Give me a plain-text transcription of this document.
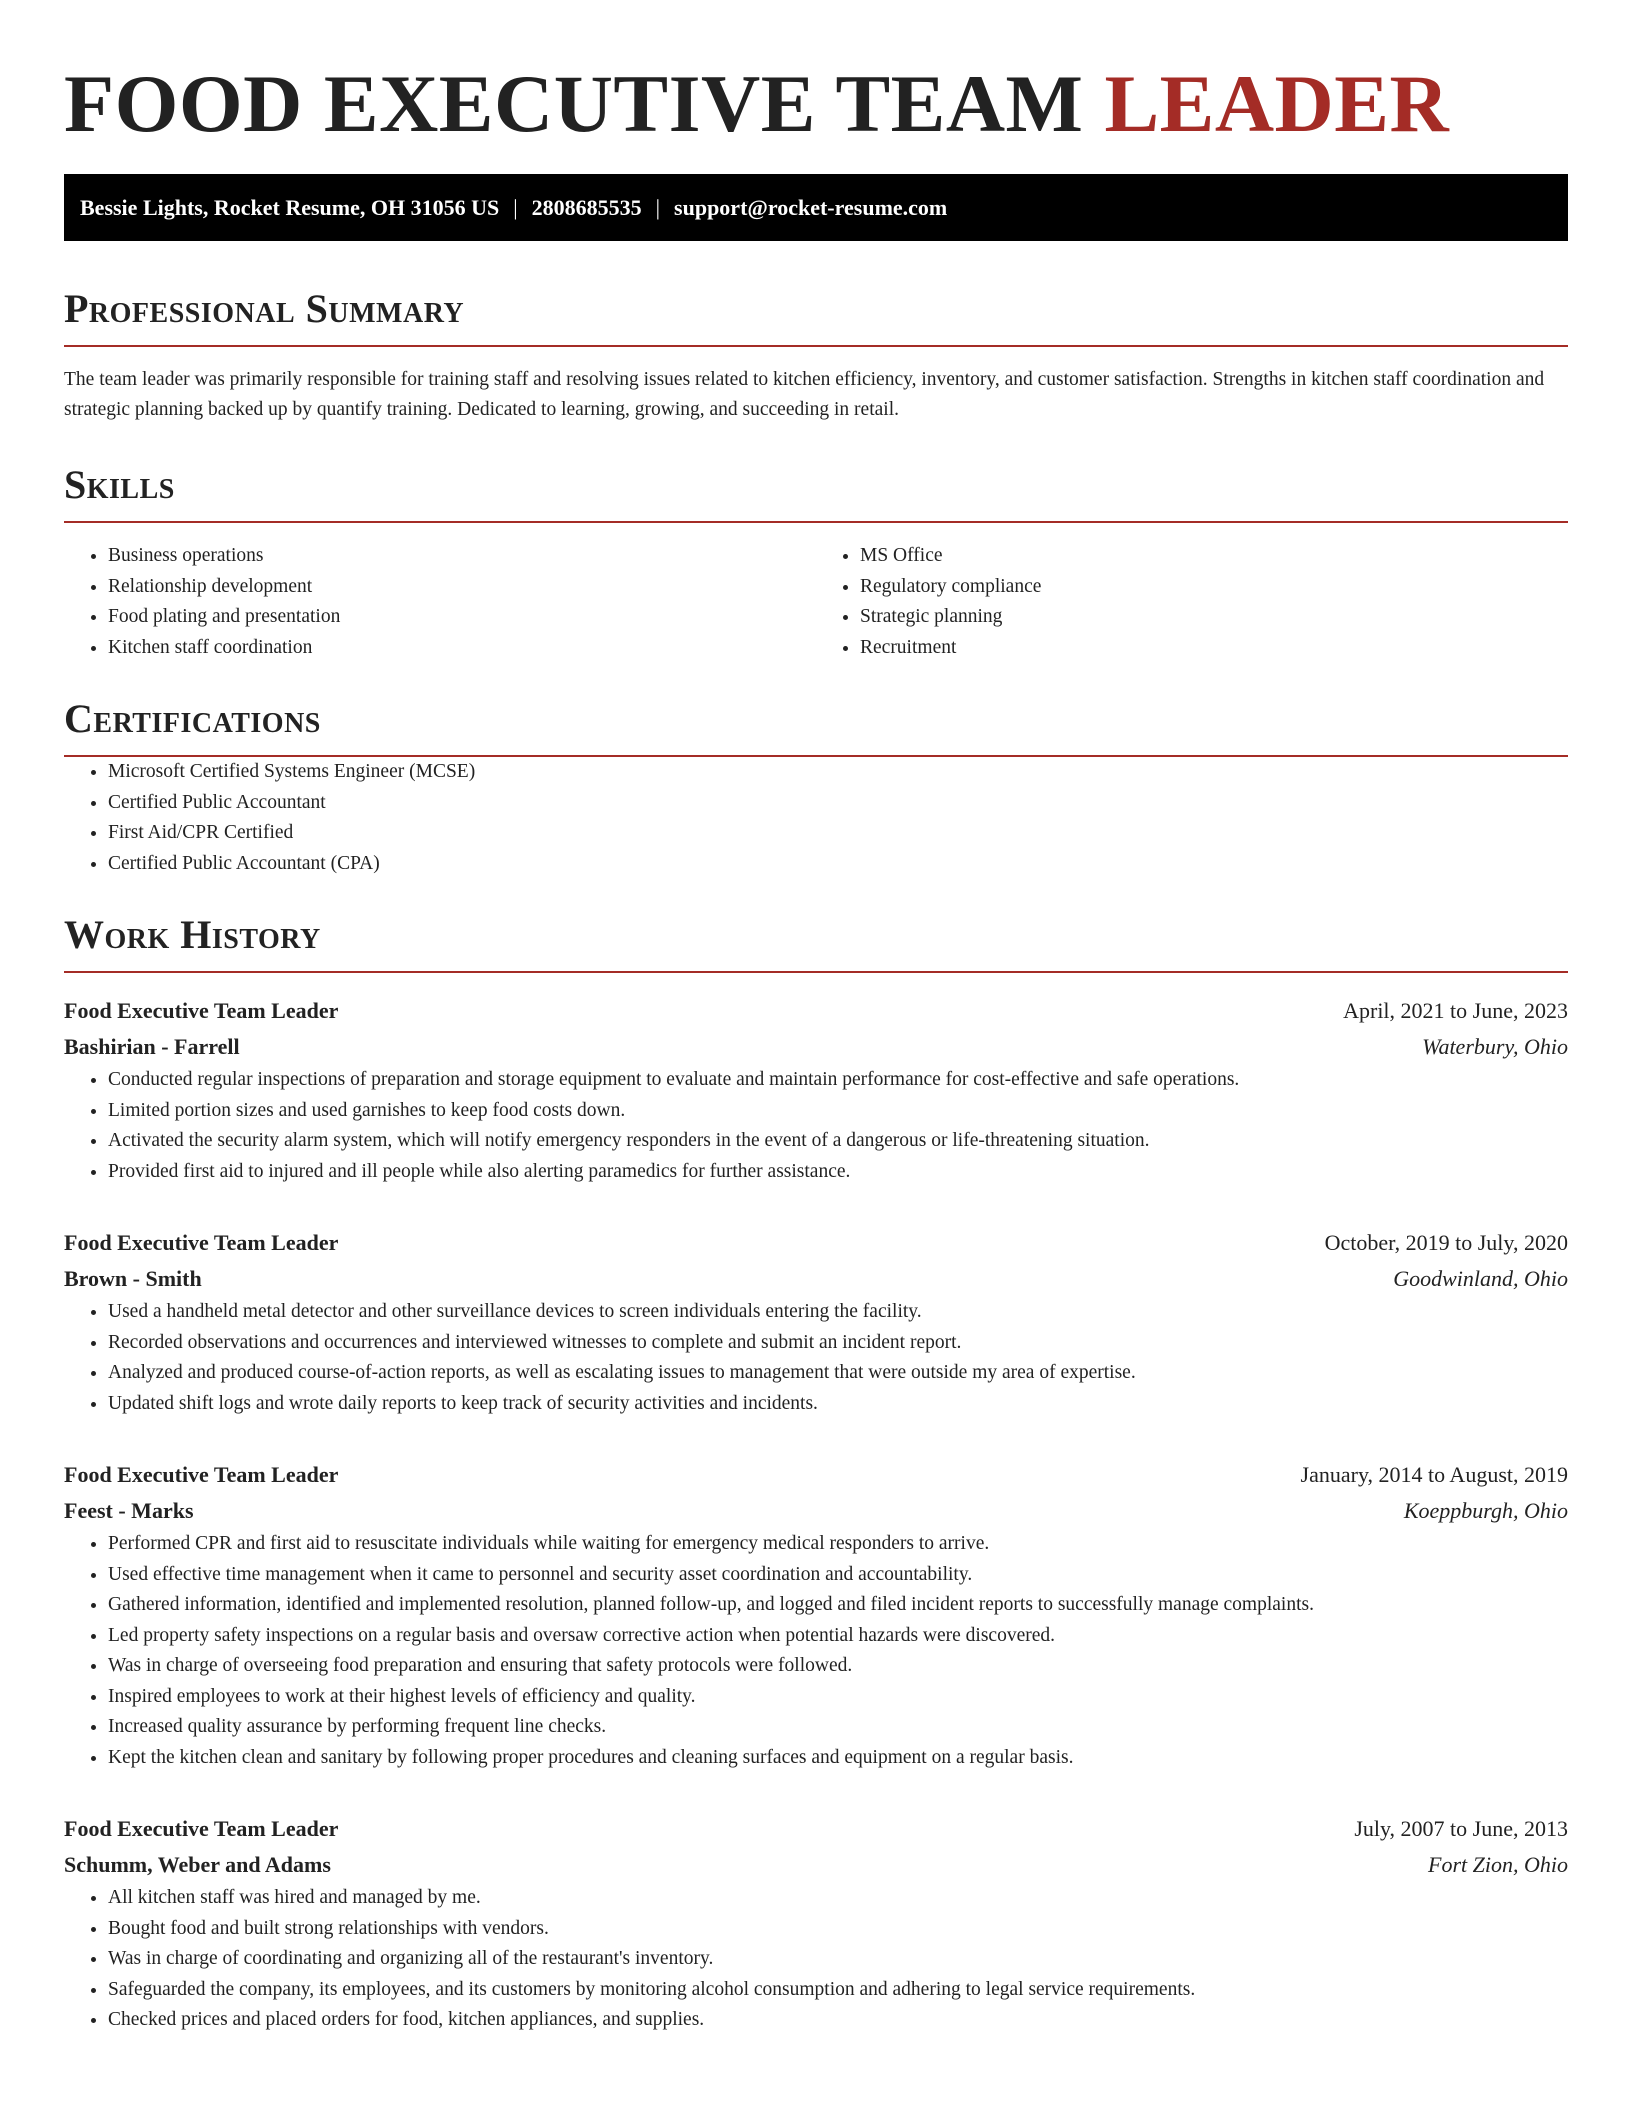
FOOD EXECUTIVE TEAM LEADER
Bessie Lights, Rocket Resume, OH 31056 US | 2808685535 | support@rocket-resume.com
Professional Summary

The team leader was primarily responsible for training staff and resolving issues related to kitchen efficiency, inventory, and customer satisfaction. Strengths in kitchen staff coordination and strategic planning backed up by quantify training. Dedicated to learning, growing, and succeeding in retail.

Skills
• Business operations
• Relationship development
• Food plating and presentation
• Kitchen staff coordination
• MS Office
• Regulatory compliance
• Strategic planning
• Recruitment
Certifications
• Microsoft Certified Systems Engineer (MCSE)
• Certified Public Accountant
• First Aid/CPR Certified
• Certified Public Accountant (CPA)
Work History
Food Executive Team Leader	April, 2021 to June, 2023
Bashirian - Farrell	Waterbury, Ohio
• Conducted regular inspections of preparation and storage equipment to evaluate and maintain performance for cost-effective and safe operations.
• Limited portion sizes and used garnishes to keep food costs down.
• Activated the security alarm system, which will notify emergency responders in the event of a dangerous or life-threatening situation.
• Provided first aid to injured and ill people while also alerting paramedics for further assistance.
Food Executive Team Leader	October, 2019 to July, 2020
Brown - Smith	Goodwinland, Ohio
• Used a handheld metal detector and other surveillance devices to screen individuals entering the facility.
• Recorded observations and occurrences and interviewed witnesses to complete and submit an incident report.
• Analyzed and produced course-of-action reports, as well as escalating issues to management that were outside my area of expertise.
• Updated shift logs and wrote daily reports to keep track of security activities and incidents.
Food Executive Team Leader	January, 2014 to August, 2019
Feest - Marks	Koeppburgh, Ohio
• Performed CPR and first aid to resuscitate individuals while waiting for emergency medical responders to arrive.
• Used effective time management when it came to personnel and security asset coordination and accountability.
• Gathered information, identified and implemented resolution, planned follow-up, and logged and filed incident reports to successfully manage complaints.
• Led property safety inspections on a regular basis and oversaw corrective action when potential hazards were discovered.
• Was in charge of overseeing food preparation and ensuring that safety protocols were followed.
• Inspired employees to work at their highest levels of efficiency and quality.
• Increased quality assurance by performing frequent line checks.
• Kept the kitchen clean and sanitary by following proper procedures and cleaning surfaces and equipment on a regular basis.
Food Executive Team Leader	July, 2007 to June, 2013
Schumm, Weber and Adams	Fort Zion, Ohio
• All kitchen staff was hired and managed by me.
• Bought food and built strong relationships with vendors.
• Was in charge of coordinating and organizing all of the restaurant's inventory.
• Safeguarded the company, its employees, and its customers by monitoring alcohol consumption and adhering to legal service requirements.
• Checked prices and placed orders for food, kitchen appliances, and supplies.
